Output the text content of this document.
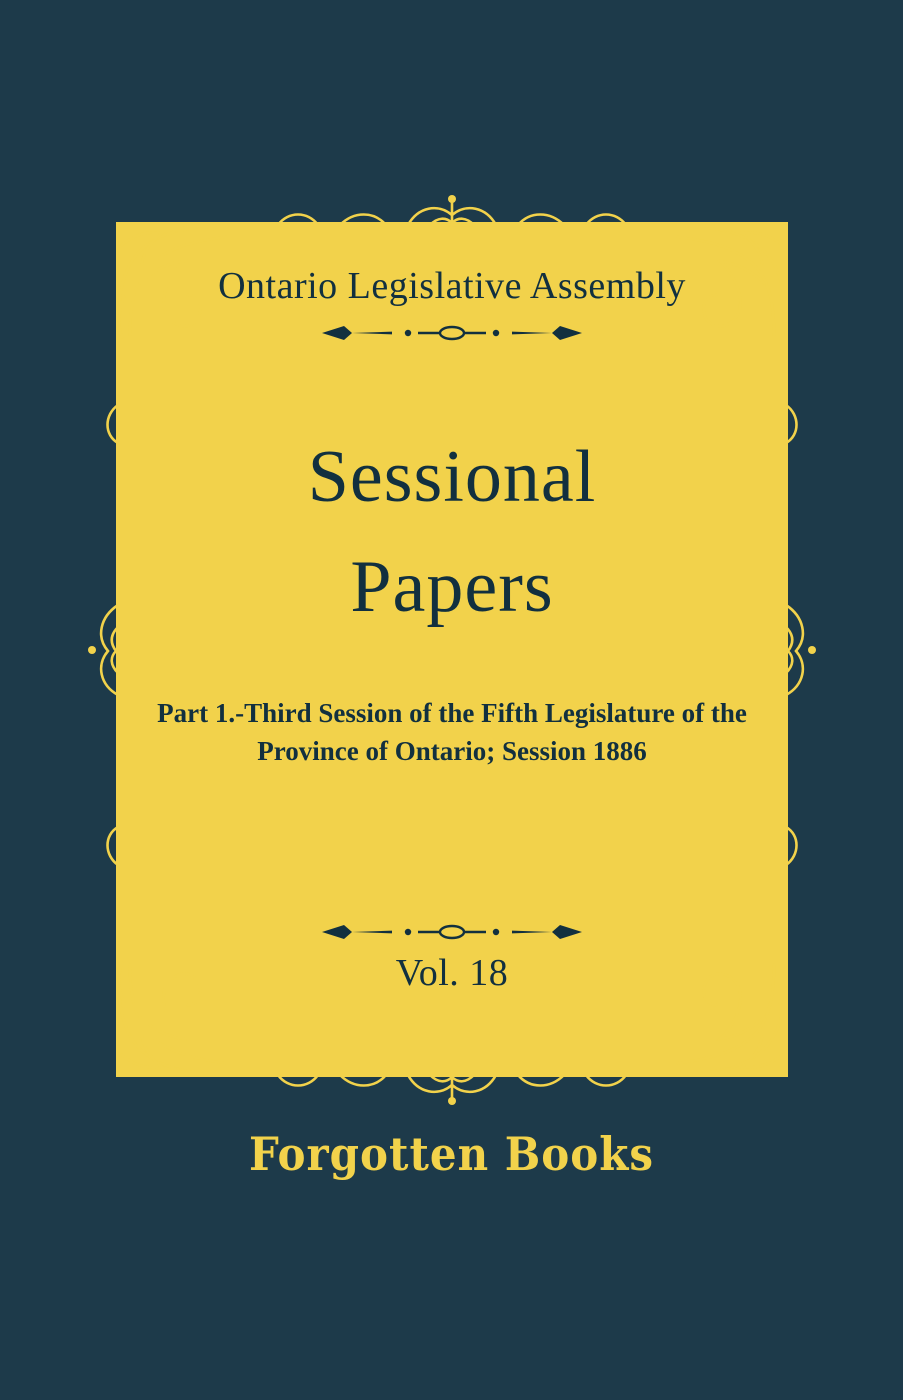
Ontario Legislative Assembly
Sessional
Papers
Part 1.-Third Session of the Fifth Legislature of the Province of Ontario; Session 1886
Vol. 18
Forgotten Books
